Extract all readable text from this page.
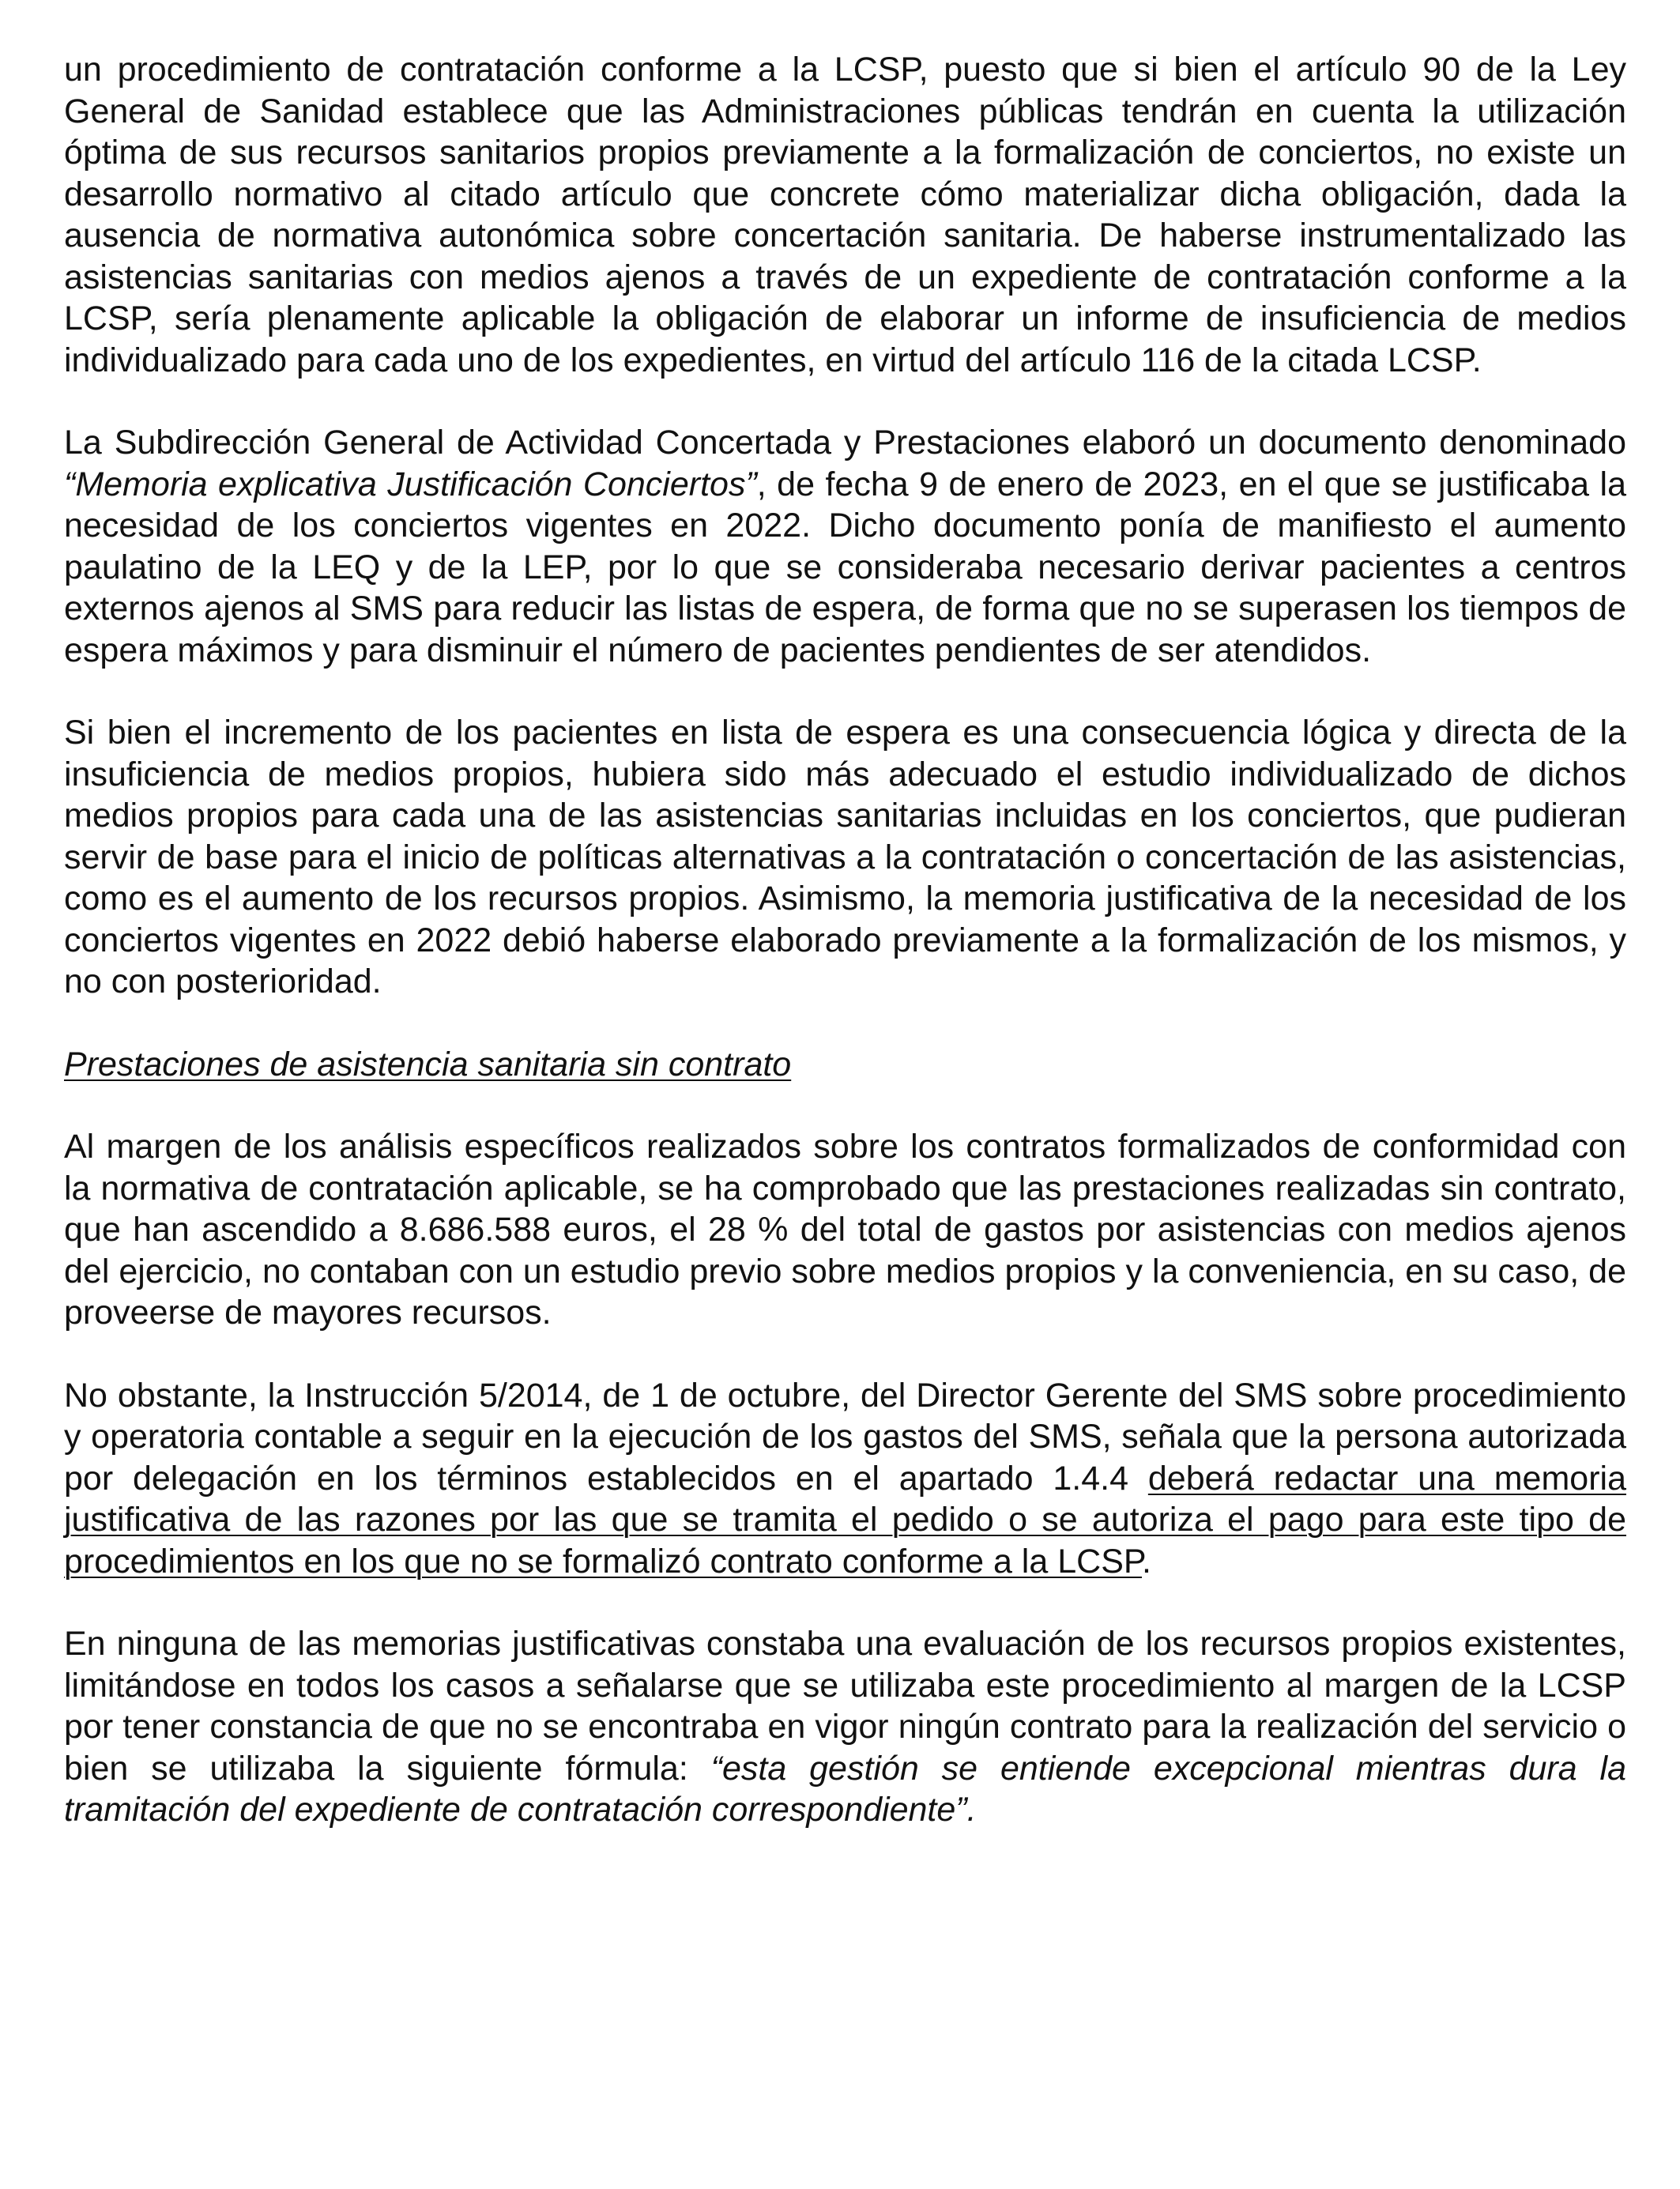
un procedimiento de contratación conforme a la LCSP, puesto que si bien el artículo 90 de la Ley General de Sanidad establece que las Administraciones públicas tendrán en cuenta la utilización óptima de sus recursos sanitarios propios previamente a la formalización de conciertos, no existe un desarrollo normativo al citado artículo que concrete cómo materializar dicha obligación, dada la ausencia de normativa autonómica sobre concertación sanitaria. De haberse instrumentalizado las asistencias sanitarias con medios ajenos a través de un expediente de contratación conforme a la LCSP, sería plenamente aplicable la obligación de elaborar un informe de insuficiencia de medios individualizado para cada uno de los expedientes, en virtud del artículo 116 de la citada LCSP.

La Subdirección General de Actividad Concertada y Prestaciones elaboró un documento denominado “Memoria explicativa Justificación Conciertos”, de fecha 9 de enero de 2023, en el que se justificaba la necesidad de los conciertos vigentes en 2022. Dicho documento ponía de manifiesto el aumento paulatino de la LEQ y de la LEP, por lo que se consideraba necesario derivar pacientes a centros externos ajenos al SMS para reducir las listas de espera, de forma que no se superasen los tiempos de espera máximos y para disminuir el número de pacientes pendientes de ser atendidos.

Si bien el incremento de los pacientes en lista de espera es una consecuencia lógica y directa de la insuficiencia de medios propios, hubiera sido más adecuado el estudio individualizado de dichos medios propios para cada una de las asistencias sanitarias incluidas en los conciertos, que pudieran servir de base para el inicio de políticas alternativas a la contratación o concertación de las asistencias, como es el aumento de los recursos propios. Asimismo, la memoria justificativa de la necesidad de los conciertos vigentes en 2022 debió haberse elaborado previamente a la formalización de los mismos, y no con posterioridad.

Prestaciones de asistencia sanitaria sin contrato

Al margen de los análisis específicos realizados sobre los contratos formalizados de conformidad con la normativa de contratación aplicable, se ha comprobado que las prestaciones realizadas sin contrato, que han ascendido a 8.686.588 euros, el 28 % del total de gastos por asistencias con medios ajenos del ejercicio, no contaban con un estudio previo sobre medios propios y la conveniencia, en su caso, de proveerse de mayores recursos.

No obstante, la Instrucción 5/2014, de 1 de octubre, del Director Gerente del SMS sobre procedimiento y operatoria contable a seguir en la ejecución de los gastos del SMS, señala que la persona autorizada por delegación en los términos establecidos en el apartado 1.4.4 deberá redactar una memoria justificativa de las razones por las que se tramita el pedido o se autoriza el pago para este tipo de procedimientos en los que no se formalizó contrato conforme a la LCSP.

En ninguna de las memorias justificativas constaba una evaluación de los recursos propios existentes, limitándose en todos los casos a señalarse que se utilizaba este procedimiento al margen de la LCSP por tener constancia de que no se encontraba en vigor ningún contrato para la realización del servicio o bien se utilizaba la siguiente fórmula: “esta gestión se entiende excepcional mientras dura la tramitación del expediente de contratación correspondiente”.
